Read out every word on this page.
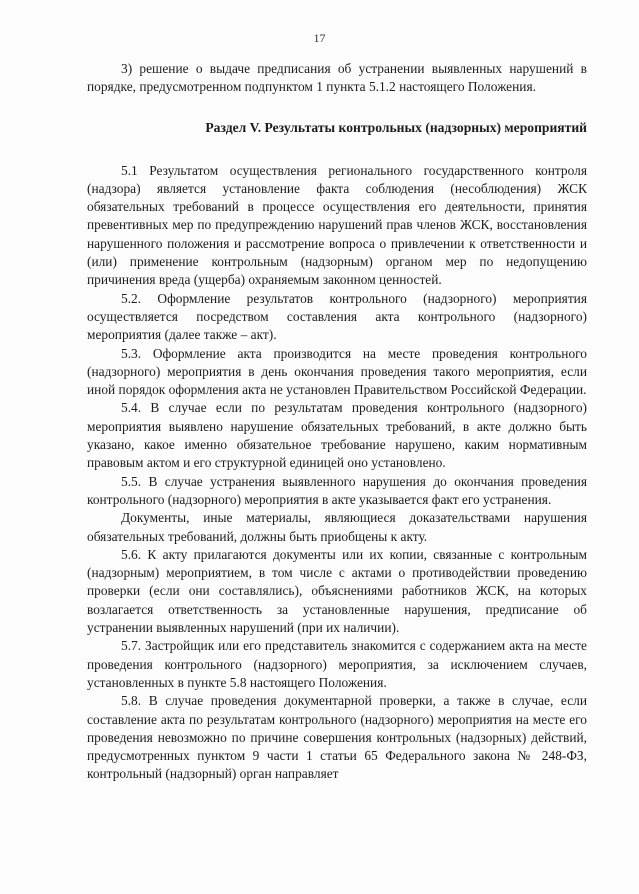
17

3) решение о выдаче предписания об устранении выявленных нарушений в порядке, предусмотренном подпунктом 1 пункта 5.1.2 настоящего Положения.

Раздел V. Результаты контрольных (надзорных) мероприятий

5.1 Результатом осуществления регионального государственного контроля (надзора) является установление факта соблюдения (несоблюдения) ЖСК обязательных требований в процессе осуществления его деятельности, принятия превентивных мер по предупреждению нарушений прав членов ЖСК, восстановления нарушенного положения и рассмотрение вопроса о привлечении к ответственности и (или) применение контрольным (надзорным) органом мер по недопущению причинения вреда (ущерба) охраняемым законном ценностей.

5.2. Оформление результатов контрольного (надзорного) мероприятия осуществляется посредством составления акта контрольного (надзорного) мероприятия (далее также – акт).

5.3. Оформление акта производится на месте проведения контрольного (надзорного) мероприятия в день окончания проведения такого мероприятия, если иной порядок оформления акта не установлен Правительством Российской Федерации.

5.4. В случае если по результатам проведения контрольного (надзорного) мероприятия выявлено нарушение обязательных требований, в акте должно быть указано, какое именно обязательное требование нарушено, каким нормативным правовым актом и его структурной единицей оно установлено.

5.5. В случае устранения выявленного нарушения до окончания проведения контрольного (надзорного) мероприятия в акте указывается факт его устранения.

Документы, иные материалы, являющиеся доказательствами нарушения обязательных требований, должны быть приобщены к акту.

5.6. К акту прилагаются документы или их копии, связанные с контрольным (надзорным) мероприятием, в том числе с актами о противодействии проведению проверки (если они составлялись), объяснениями работников ЖСК, на которых возлагается ответственность за установленные нарушения, предписание об устранении выявленных нарушений (при их наличии).

5.7. Застройщик или его представитель знакомится с содержанием акта на месте проведения контрольного (надзорного) мероприятия, за исключением случаев, установленных в пункте 5.8 настоящего Положения.

5.8. В случае проведения документарной проверки, а также в случае, если составление акта по результатам контрольного (надзорного) мероприятия на месте его проведения невозможно по причине совершения контрольных (надзорных) действий, предусмотренных пунктом 9 части 1 статьи 65 Федерального закона № 248-ФЗ, контрольный (надзорный) орган направляет
